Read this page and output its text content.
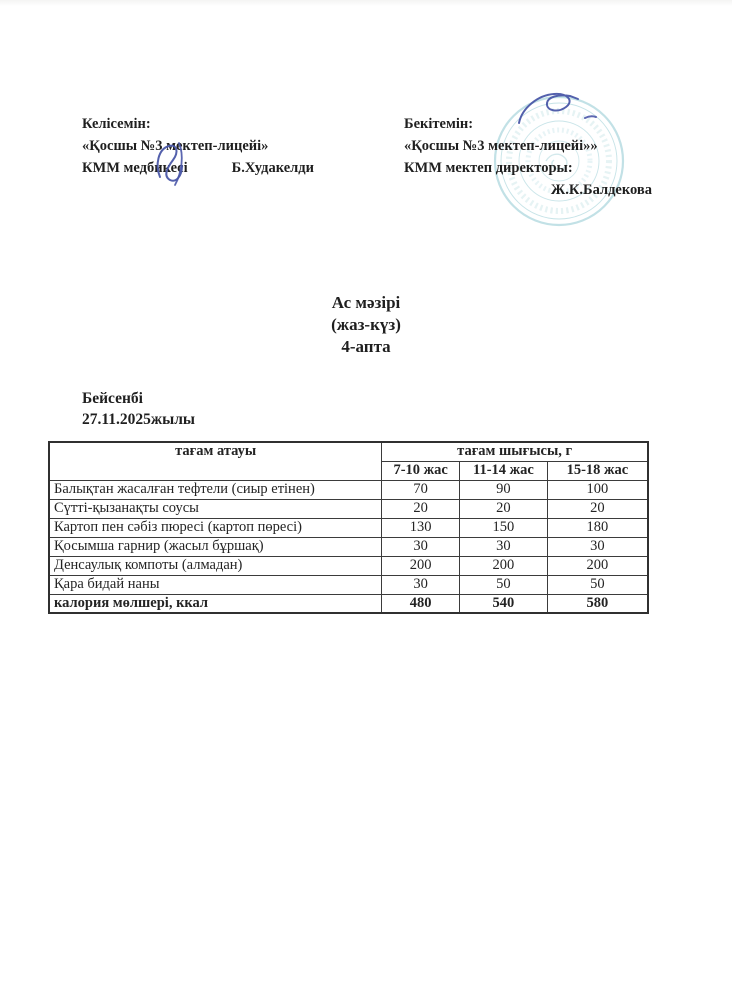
Келісемін:
«Қосшы №3 мектеп-лицейі»
КММ медбикесі	Б.Худакелди
Бекітемін:
«Қосшы №3 мектеп-лицейі»»
КММ мектеп директоры:
Ж.К.Балдекова
Ас мәзірі
(жаз-күз)
4-апта
Бейсенбі
27.11.2025жылы
тағам атауы	тағам шығысы, г		
	7-10 жас	11-14 жас	15-18 жас
Балықтан жасалған тефтели (сиыр етінен)	70	90	100
Сүтті-қызанақты соусы	20	20	20
Картоп пен сәбіз пюресі (картоп пөресі)	130	150	180
Қосымша гарнир (жасыл бұршақ)	30	30	30
Денсаулық компоты (алмадан)	200	200	200
Қара бидай наны	30	50	50
калория мөлшері, ккал	480	540	580
